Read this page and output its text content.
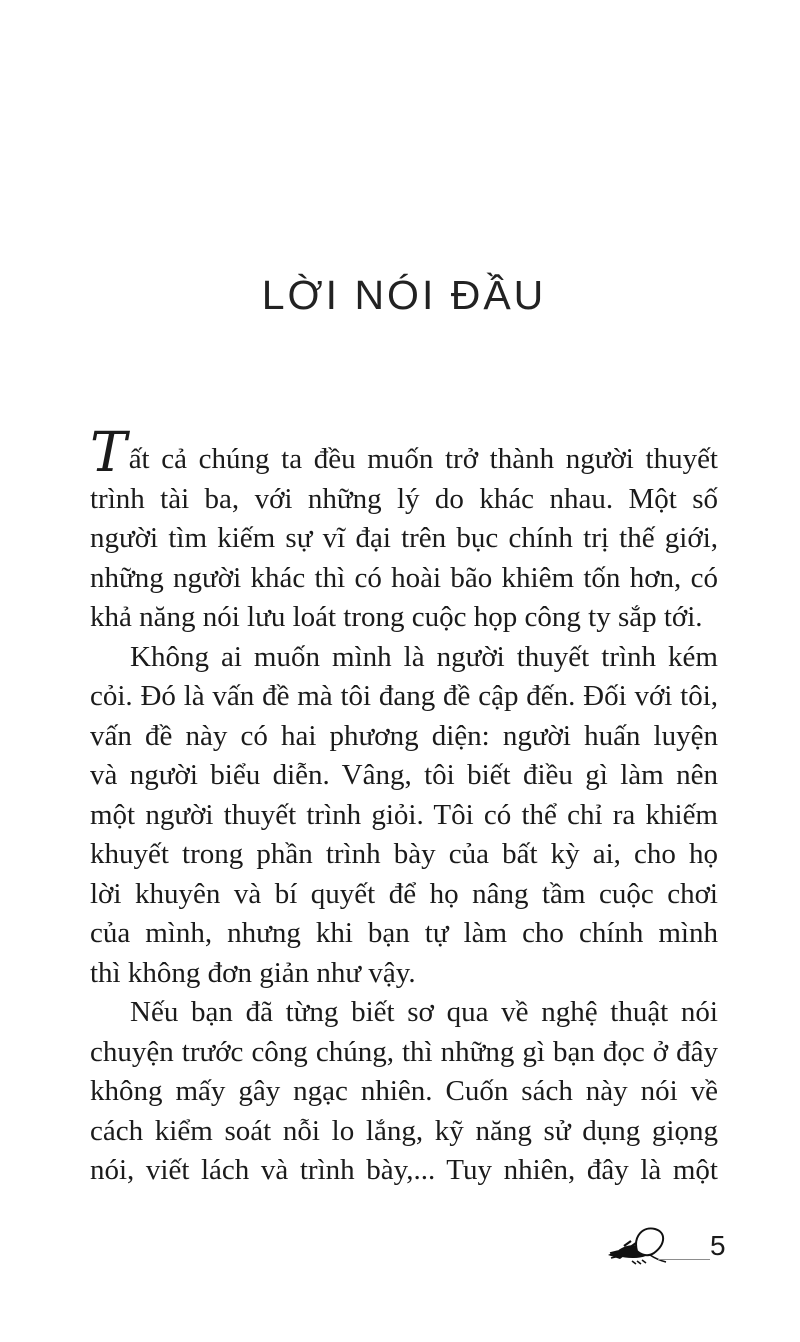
LỜI NÓI ĐẦU
Tất cả chúng ta đều muốn trở thành người thuyết
trình tài ba, với những lý do khác nhau. Một số
người tìm kiếm sự vĩ đại trên bục chính trị thế giới,
những người khác thì có hoài bão khiêm tốn hơn, có
khả năng nói lưu loát trong cuộc họp công ty sắp tới.
Không ai muốn mình là người thuyết trình kém
cỏi. Đó là vấn đề mà tôi đang đề cập đến. Đối với tôi,
vấn đề này có hai phương diện: người huấn luyện
và người biểu diễn. Vâng, tôi biết điều gì làm nên
một người thuyết trình giỏi. Tôi có thể chỉ ra khiếm
khuyết trong phần trình bày của bất kỳ ai, cho họ
lời khuyên và bí quyết để họ nâng tầm cuộc chơi
của mình, nhưng khi bạn tự làm cho chính mình
thì không đơn giản như vậy.
Nếu bạn đã từng biết sơ qua về nghệ thuật nói
chuyện trước công chúng, thì những gì bạn đọc ở đây
không mấy gây ngạc nhiên. Cuốn sách này nói về
cách kiểm soát nỗi lo lắng, kỹ năng sử dụng giọng
nói, viết lách và trình bày,... Tuy nhiên, đây là một
5
